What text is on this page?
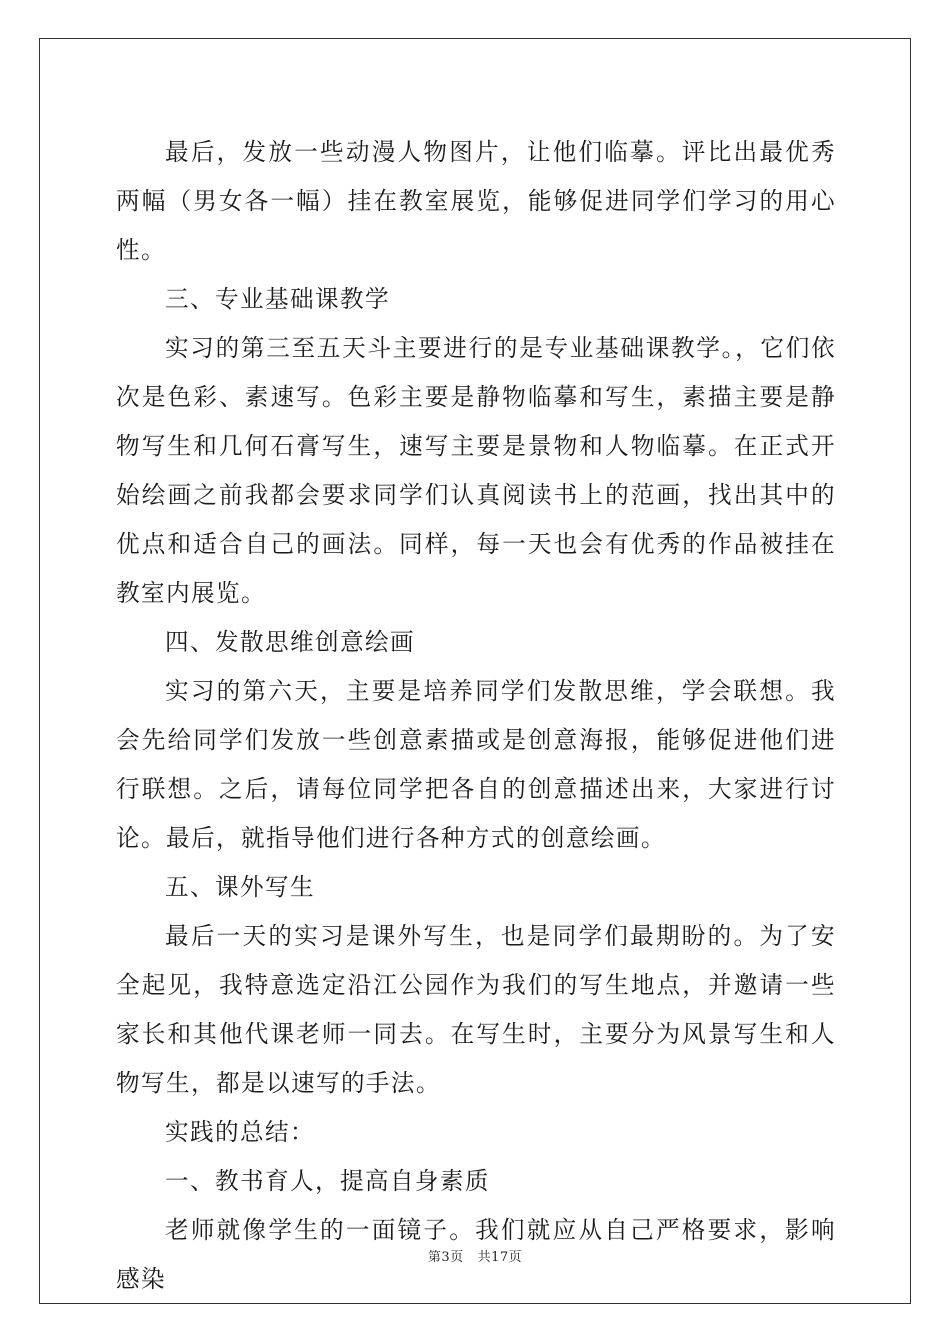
最后，发放一些动漫人物图片，让他们临摹。评比出最优秀两幅（男女各一幅）挂在教室展览，能够促进同学们学习的用心性。

三、专业基础课教学

实习的第三至五天斗主要进行的是专业基础课教学。，它们依次是色彩、素速写。色彩主要是静物临摹和写生，素描主要是静物写生和几何石膏写生，速写主要是景物和人物临摹。在正式开始绘画之前我都会要求同学们认真阅读书上的范画，找出其中的优点和适合自己的画法。同样，每一天也会有优秀的作品被挂在教室内展览。

四、发散思维创意绘画

实习的第六天，主要是培养同学们发散思维，学会联想。我会先给同学们发放一些创意素描或是创意海报，能够促进他们进行联想。之后，请每位同学把各自的创意描述出来，大家进行讨论。最后，就指导他们进行各种方式的创意绘画。

五、课外写生

最后一天的实习是课外写生，也是同学们最期盼的。为了安全起见，我特意选定沿江公园作为我们的写生地点，并邀请一些家长和其他代课老师一同去。在写生时，主要分为风景写生和人物写生，都是以速写的手法。

实践的总结：

一、教书育人，提高自身素质

老师就像学生的一面镜子。我们就应从自己严格要求，影响感染

第3页 共17页
